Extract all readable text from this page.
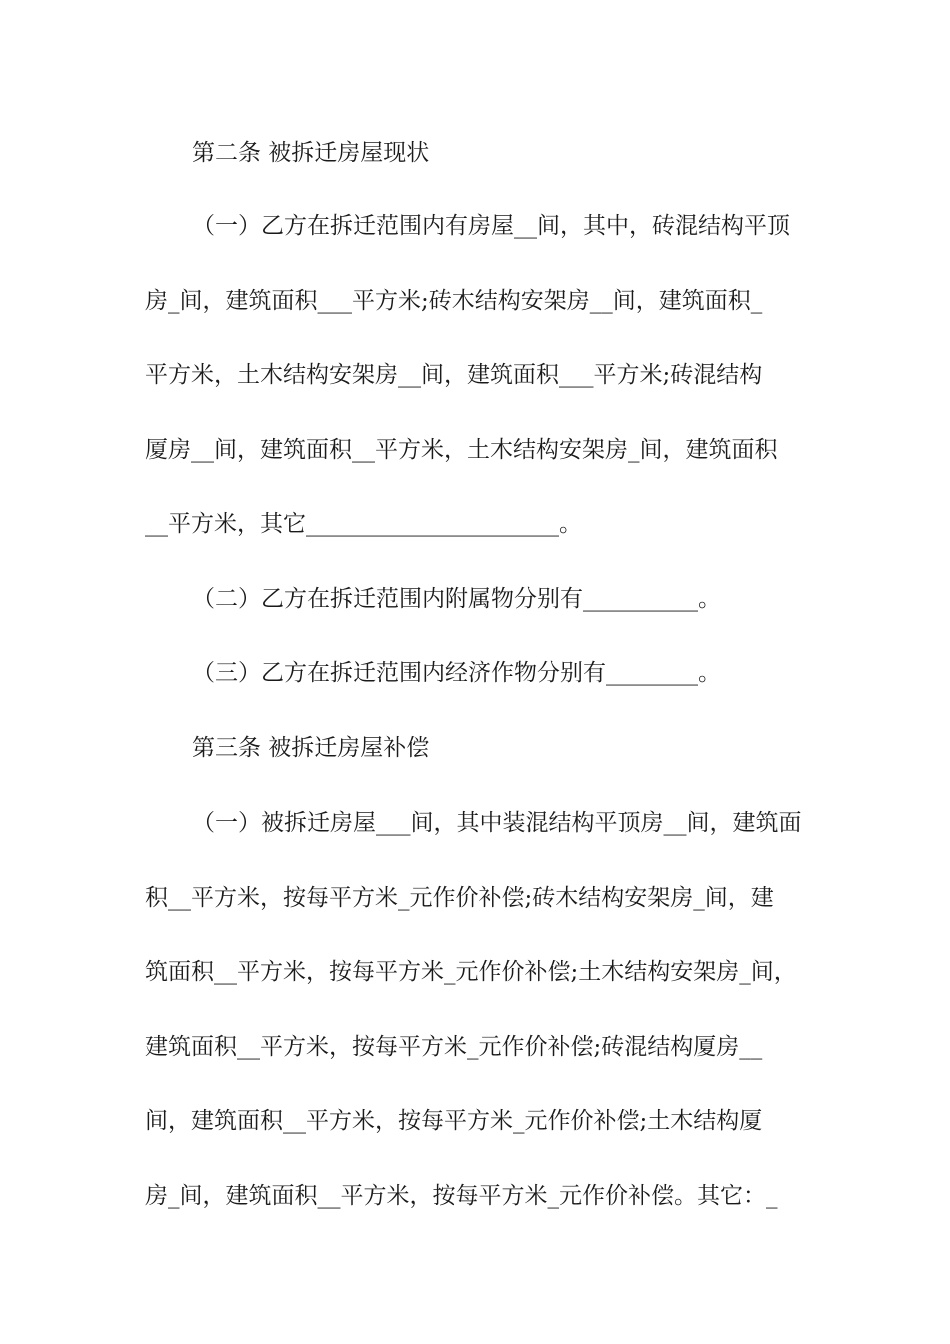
第二条 被拆迁房屋现状
（一）乙方在拆迁范围内有房屋__间，其中，砖混结构平顶
房_间，建筑面积___平方米;砖木结构安架房__间，建筑面积_
平方米，土木结构安架房__间，建筑面积___平方米;砖混结构
厦房__间，建筑面积__平方米，土木结构安架房_间，建筑面积
__平方米，其它______________________。
（二）乙方在拆迁范围内附属物分别有__________。
（三）乙方在拆迁范围内经济作物分别有________。
第三条 被拆迁房屋补偿
（一）被拆迁房屋___间，其中装混结构平顶房__间，建筑面
积__平方米，按每平方米_元作价补偿;砖木结构安架房_间，建
筑面积__平方米，按每平方米_元作价补偿;土木结构安架房_间，
建筑面积__平方米，按每平方米_元作价补偿;砖混结构厦房__
间，建筑面积__平方米，按每平方米_元作价补偿;土木结构厦
房_间，建筑面积__平方米，按每平方米_元作价补偿。其它：_
